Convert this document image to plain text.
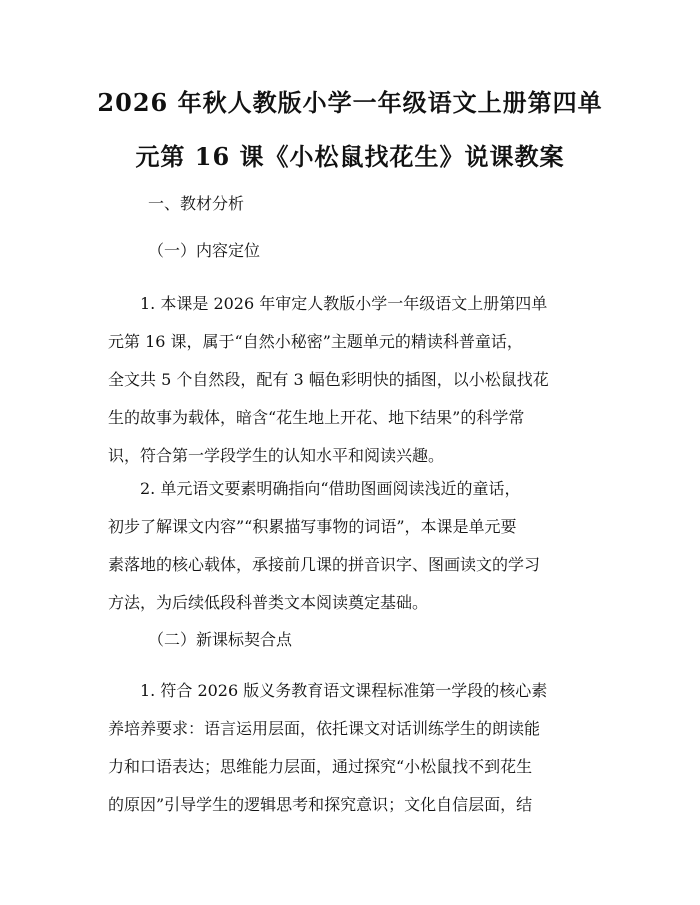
2026 年秋人教版小学一年级语文上册第四单
元第 16 课《小松鼠找花生》说课教案

一、教材分析

（一）内容定位

1. 本课是 2026 年审定人教版小学一年级语文上册第四单
元第 16 课，属于“自然小秘密”主题单元的精读科普童话，
全文共 5 个自然段，配有 3 幅色彩明快的插图，以小松鼠找花
生的故事为载体，暗含“花生地上开花、地下结果”的科学常
识，符合第一学段学生的认知水平和阅读兴趣。
2. 单元语文要素明确指向“借助图画阅读浅近的童话，
初步了解课文内容”“积累描写事物的词语”，本课是单元要
素落地的核心载体，承接前几课的拼音识字、图画读文的学习
方法，为后续低段科普类文本阅读奠定基础。

（二）新课标契合点

1. 符合 2026 版义务教育语文课程标准第一学段的核心素
养培养要求：语言运用层面，依托课文对话训练学生的朗读能
力和口语表达；思维能力层面，通过探究“小松鼠找不到花生
的原因”引导学生的逻辑思考和探究意识；文化自信层面，结
